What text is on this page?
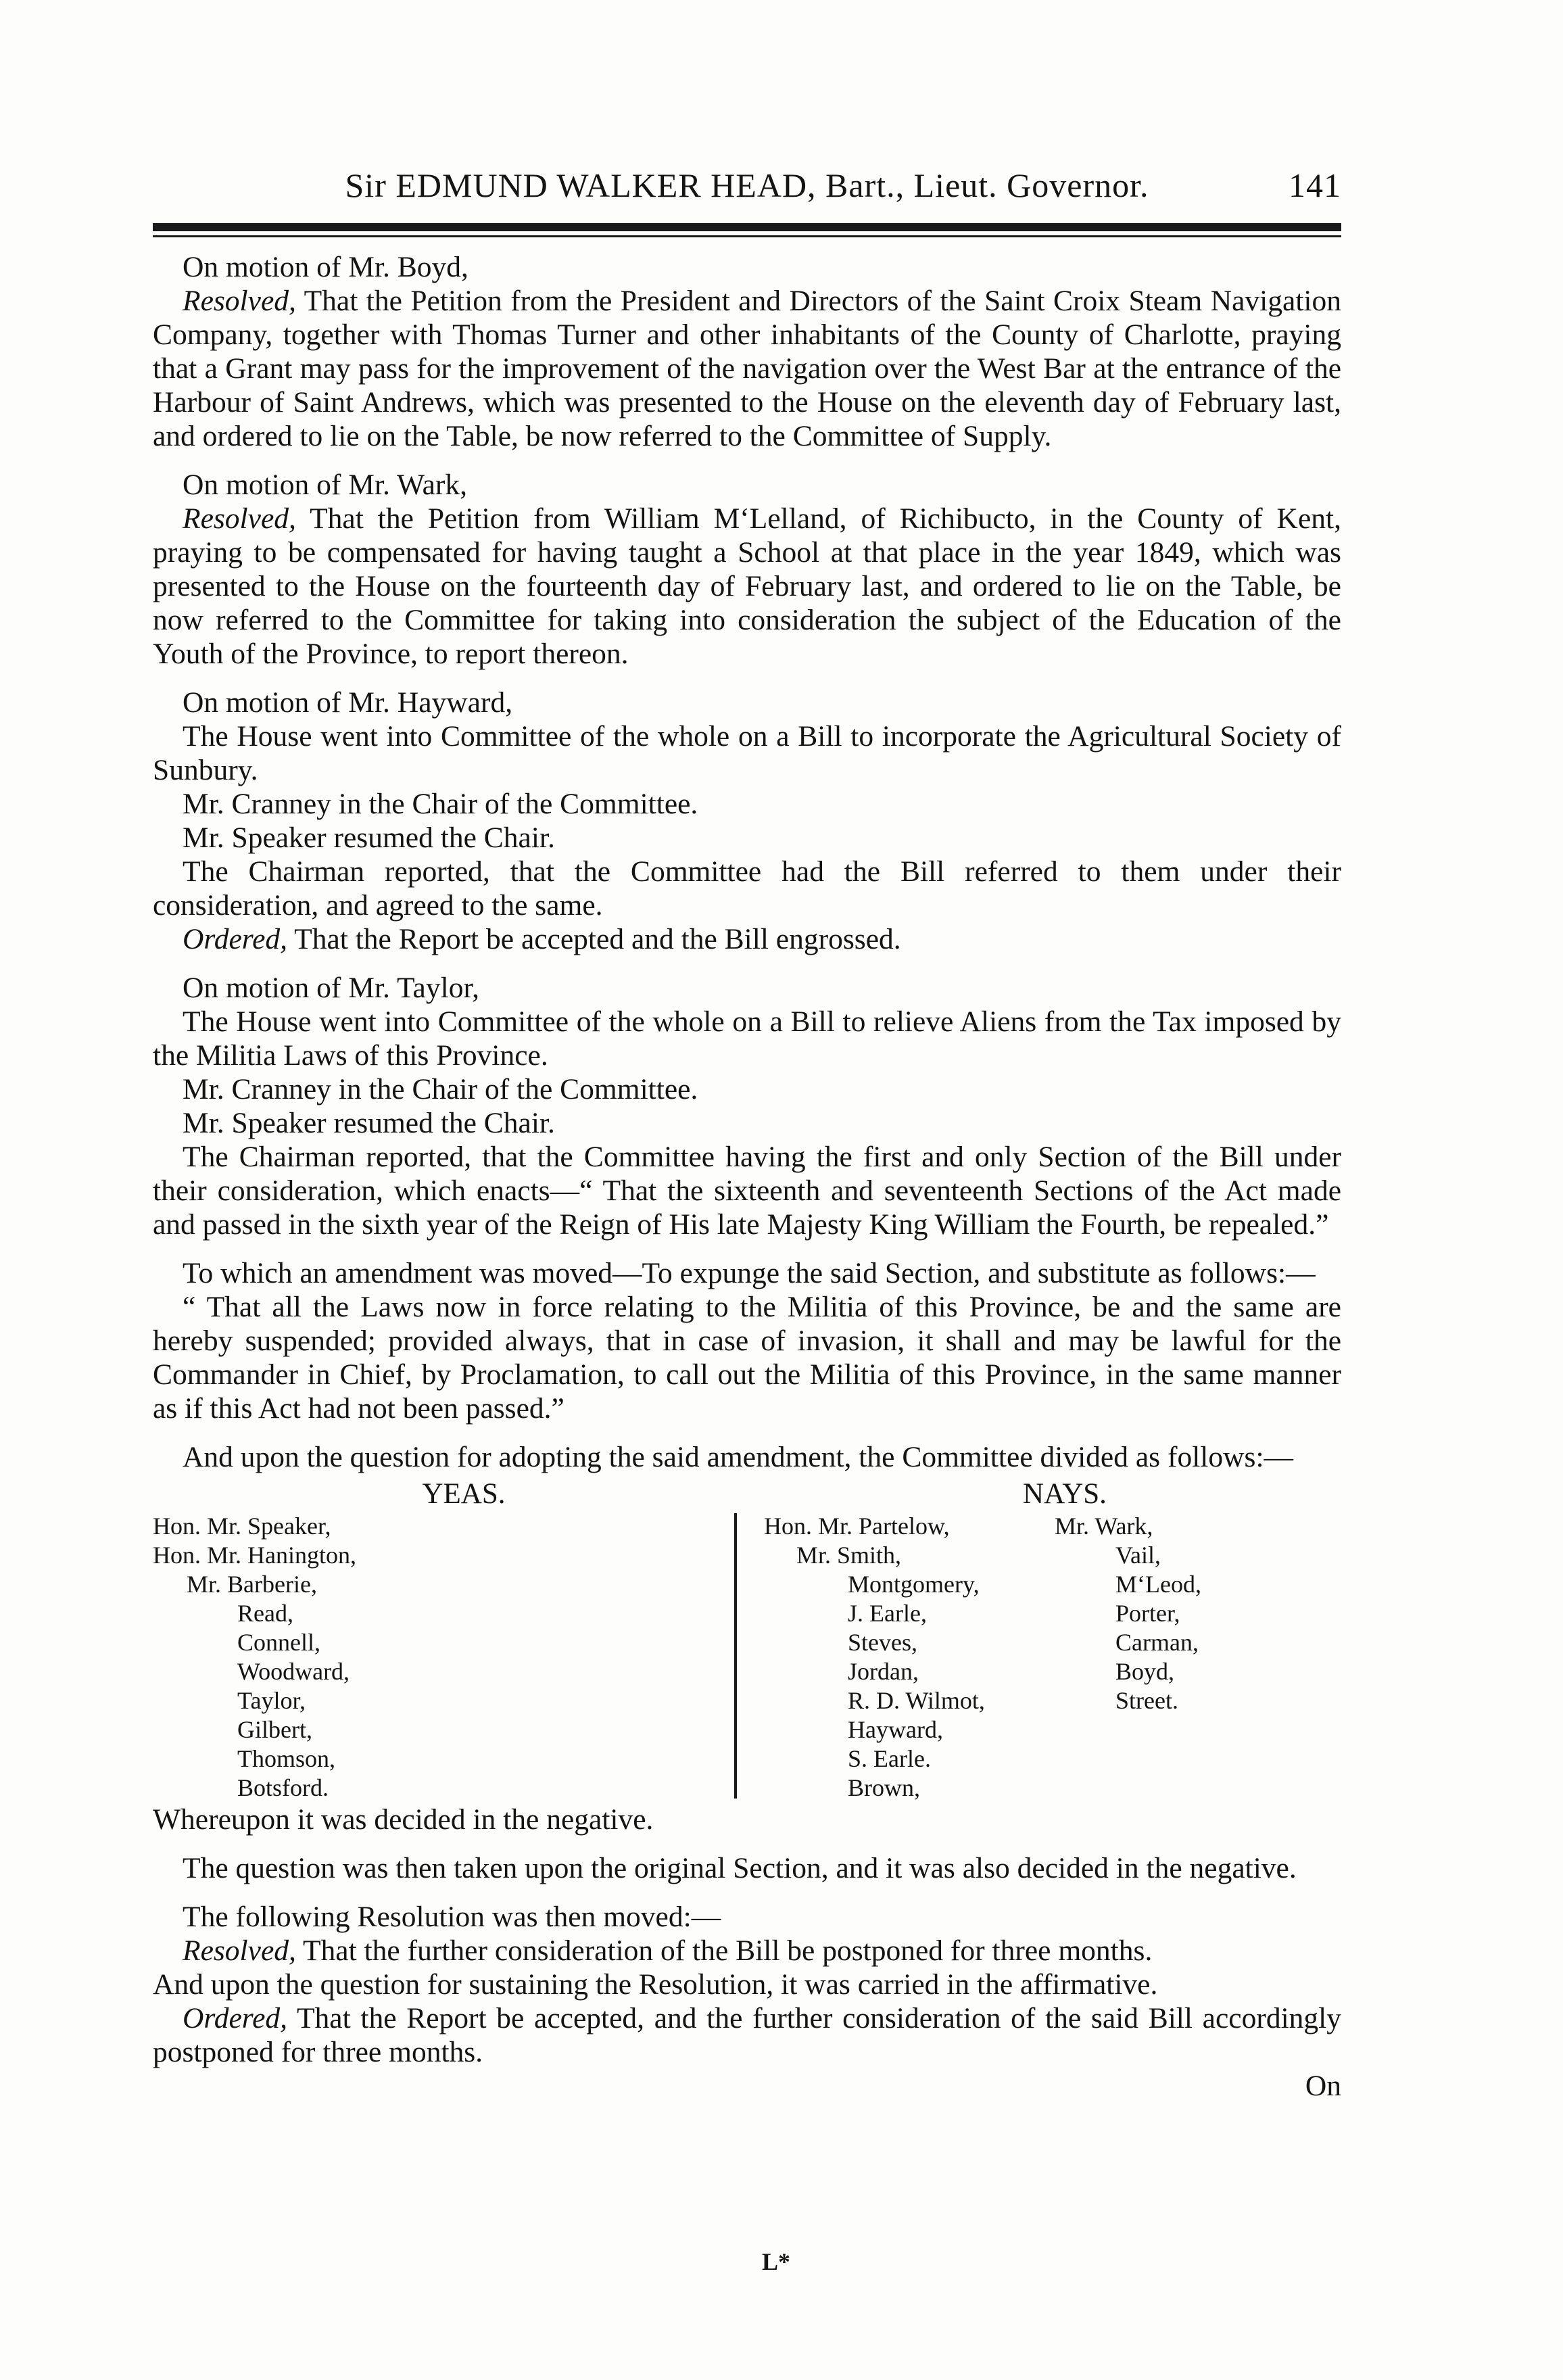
Sir EDMUND WALKER HEAD, Bart., Lieut. Governor.	141

On motion of Mr. Boyd,

Resolved, That the Petition from the President and Directors of the Saint Croix Steam Navigation Company, together with Thomas Turner and other inhabitants of the County of Charlotte, praying that a Grant may pass for the improvement of the navigation over the West Bar at the entrance of the Harbour of Saint Andrews, which was presented to the House on the eleventh day of February last, and ordered to lie on the Table, be now referred to the Committee of Supply.

On motion of Mr. Wark,

Resolved, That the Petition from William M‘Lelland, of Richibucto, in the County of Kent, praying to be compensated for having taught a School at that place in the year 1849, which was presented to the House on the fourteenth day of February last, and ordered to lie on the Table, be now referred to the Committee for taking into consideration the subject of the Education of the Youth of the Province, to report thereon.

On motion of Mr. Hayward,

The House went into Committee of the whole on a Bill to incorporate the Agricultural Society of Sunbury.

Mr. Cranney in the Chair of the Committee.

Mr. Speaker resumed the Chair.

The Chairman reported, that the Committee had the Bill referred to them under their consideration, and agreed to the same.

Ordered, That the Report be accepted and the Bill engrossed.

On motion of Mr. Taylor,

The House went into Committee of the whole on a Bill to relieve Aliens from the Tax imposed by the Militia Laws of this Province.

Mr. Cranney in the Chair of the Committee.

Mr. Speaker resumed the Chair.

The Chairman reported, that the Committee having the first and only Section of the Bill under their consideration, which enacts—“ That the sixteenth and seventeenth Sections of the Act made and passed in the sixth year of the Reign of His late Majesty King William the Fourth, be repealed.”

To which an amendment was moved—To expunge the said Section, and substitute as follows:—

“ That all the Laws now in force relating to the Militia of this Province, be and the same are hereby suspended; provided always, that in case of invasion, it shall and may be lawful for the Commander in Chief, by Proclamation, to call out the Militia of this Province, in the same manner as if this Act had not been passed.”

And upon the question for adopting the said amendment, the Committee divided as follows:—

YEAS.	NAYS.
Hon. Mr. Speaker,
Hon. Mr. Hanington,
Mr. Barberie,
Read,
Connell,
Woodward,
Taylor,
Gilbert,
Thomson,
Botsford.
Hon. Mr. Partelow,
Mr. Smith,
Montgomery,
J. Earle,
Steves,
Jordan,
R. D. Wilmot,
Hayward,
S. Earle.
Brown,
Mr. Wark,
Vail,
M‘Leod,
Porter,
Carman,
Boyd,
Street.

Whereupon it was decided in the negative.

The question was then taken upon the original Section, and it was also decided in the negative.

The following Resolution was then moved:—

Resolved, That the further consideration of the Bill be postponed for three months.

And upon the question for sustaining the Resolution, it was carried in the affirmative.

Ordered, That the Report be accepted, and the further consideration of the said Bill accordingly postponed for three months.

On
L*
